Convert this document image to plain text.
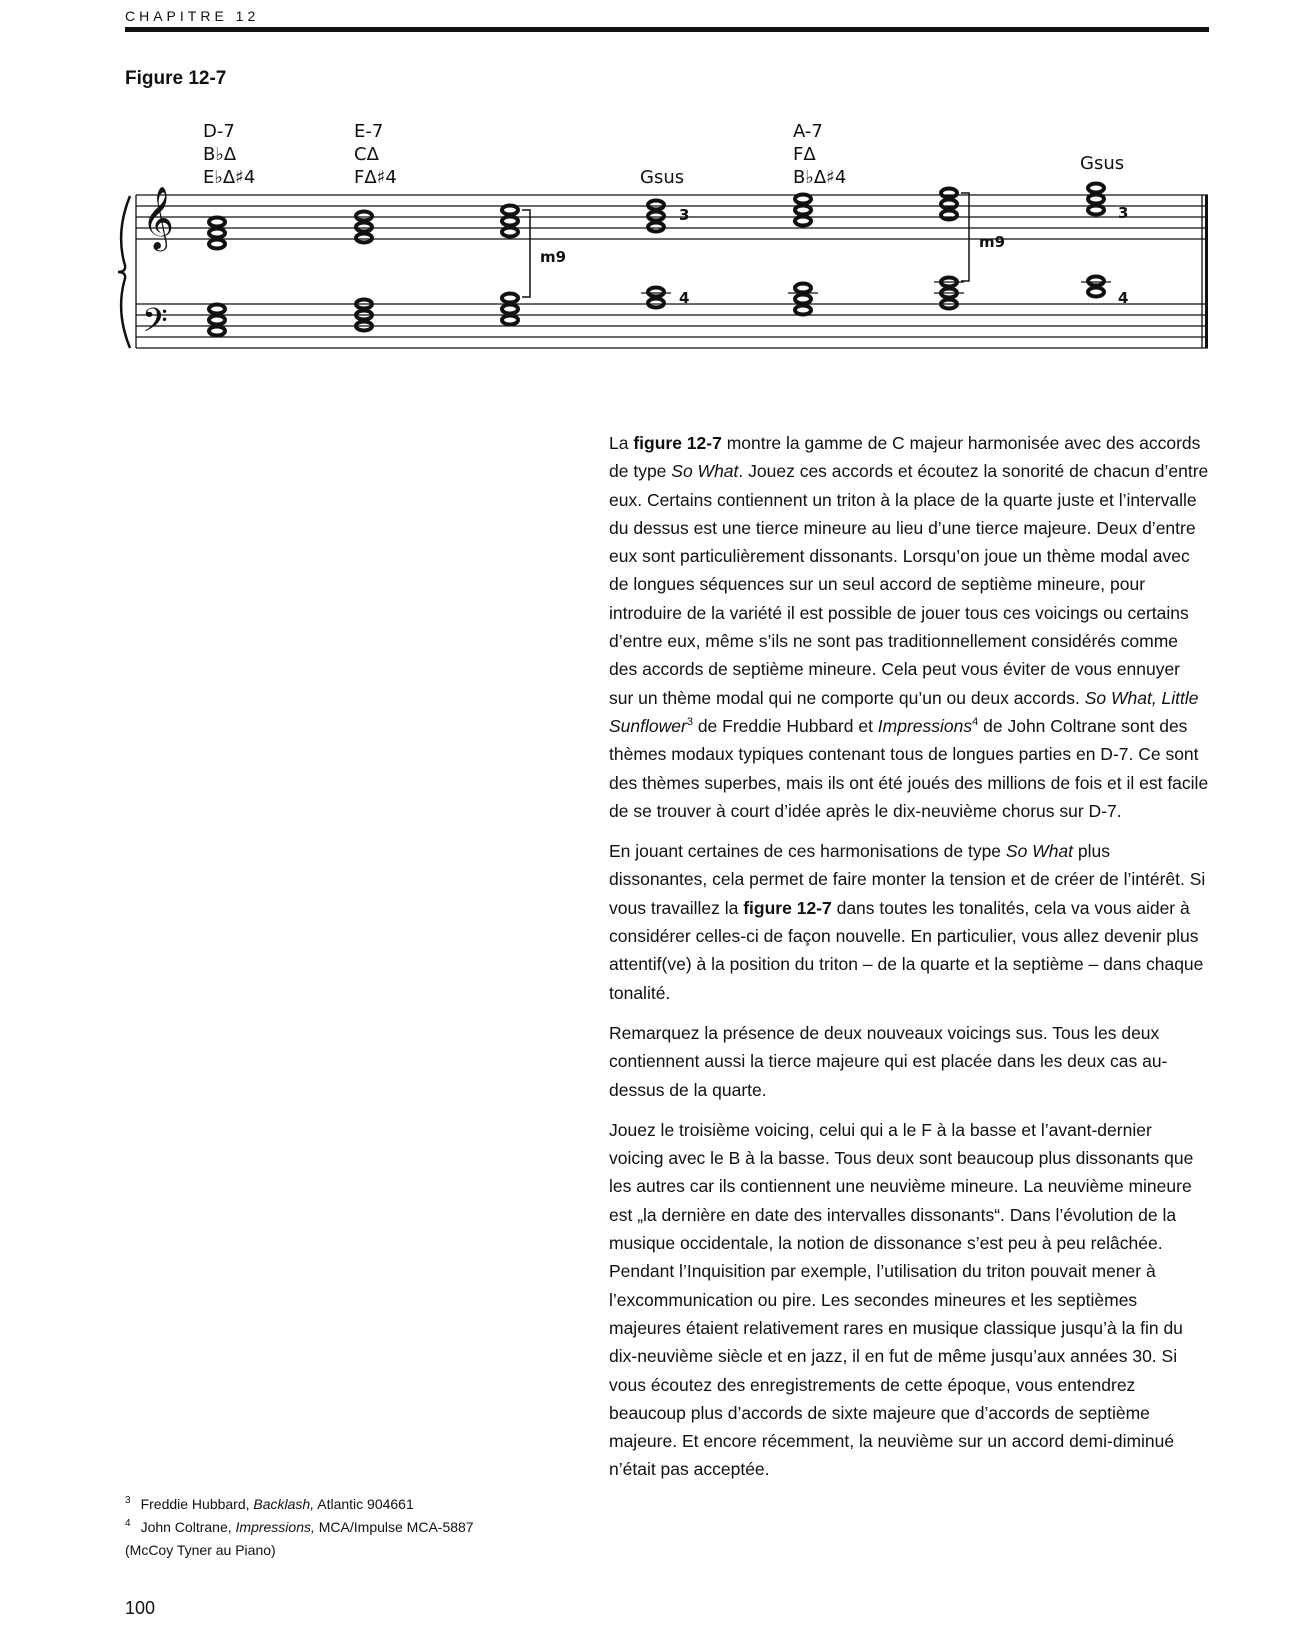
CHAPITRE 12
Figure 12-7
D-7
B♭Δ
E♭Δ♯4
E-7
CΔ
FΔ♯4	Gsus
A-7
FΔ
B♭Δ♯4
Gsus
𝄞
𝄢
m9
m9
3
4
3
4

La figure 12-7 montre la gamme de C majeur harmonisée avec des accords de type So What. Jouez ces accords et écoutez la sonorité de chacun d’entre eux. Certains contiennent un triton à la place de la quarte juste et l’intervalle du dessus est une tierce mineure au lieu d’une tierce majeure. Deux d’entre eux sont particulièrement dissonants. Lorsqu’on joue un thème modal avec de longues séquences sur un seul accord de septième mineure, pour introduire de la variété il est possible de jouer tous ces voicings ou certains d’entre eux, même s’ils ne sont pas traditionnellement considérés comme des accords de septième mineure. Cela peut vous éviter de vous ennuyer sur un thème modal qui ne comporte qu’un ou deux accords. So What, Little Sunflower$^3$ de Freddie Hubbard et Impressions$^4$ de John Coltrane sont des thèmes modaux typiques contenant tous de longues parties en D-7. Ce sont des thèmes superbes, mais ils ont été joués des millions de fois et il est facile de se trouver à court d’idée après le dix-neuvième chorus sur D-7.

En jouant certaines de ces harmonisations de type So What plus dissonantes, cela permet de faire monter la tension et de créer de l’intérêt. Si vous travaillez la figure 12-7 dans toutes les tonalités, cela va vous aider à considérer celles-ci de façon nouvelle. En particulier, vous allez devenir plus attentif(ve) à la position du triton – de la quarte et la septième – dans chaque tonalité.

Remarquez la présence de deux nouveaux voicings sus. Tous les deux contiennent aussi la tierce majeure qui est placée dans les deux cas au-dessus de la quarte.

Jouez le troisième voicing, celui qui a le F à la basse et l’avant-dernier voicing avec le B à la basse. Tous deux sont beaucoup plus dissonants que les autres car ils contiennent une neuvième mineure. La neuvième mineure est „la dernière en date des intervalles dissonants“. Dans l’évolution de la musique occidentale, la notion de dissonance s’est peu à peu relâchée. Pendant l’Inquisition par exemple, l’utilisation du triton pouvait mener à l’excommunication ou pire. Les secondes mineures et les septièmes majeures étaient relativement rares en musique classique jusqu’à la fin du dix-neuvième siècle et en jazz, il en fut de même jusqu’aux années 30. Si vous écoutez des enregistrements de cette époque, vous entendrez beaucoup plus d’accords de sixte majeure que d’accords de septième majeure. Et encore récemment, la neuvième sur un accord demi-diminué n’était pas acceptée.

$^3$ Freddie Hubbard, Backlash, Atlantic 904661

$^4$ John Coltrane, Impressions, MCA/Impulse MCA-5887
(McCoy Tyner au Piano)

100
